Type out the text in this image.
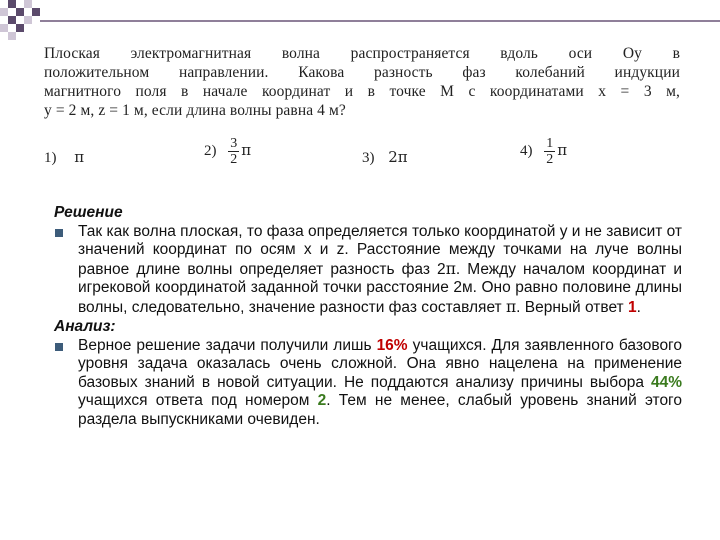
Плоская электромагнитная волна распространяется вдоль оси Oy в

положительном направлении. Какова разность фаз колебаний индукции

магнитного поля в начале координат и в точке М с координатами x = 3 м,

y = 2 м, z = 1 м, если длина волны равна 4 м?

1) π	$2) \frac{3}{2}$ π	3) 2π	$4) \frac{1}{2}$ π

Решение

Так как волна плоская, то фаза определяется только координатой y и не зависит от значений координат по осям x и z. Расстояние между точками на луче волны равное длине волны определяет разность фаз 2π. Между началом координат и игрековой координатой заданной точки расстояние 2м. Оно равно половине длины волны, следовательно, значение разности фаз составляет π. Верный ответ 1.

Анализ:

Верное решение задачи получили лишь 16% учащихся. Для заявленного базового уровня задача оказалась очень сложной. Она явно нацелена на применение базовых знаний в новой ситуации. Не поддаются анализу причины выбора 44% учащихся ответа под номером 2. Тем не менее, слабый уровень знаний этого раздела выпускниками очевиден.
